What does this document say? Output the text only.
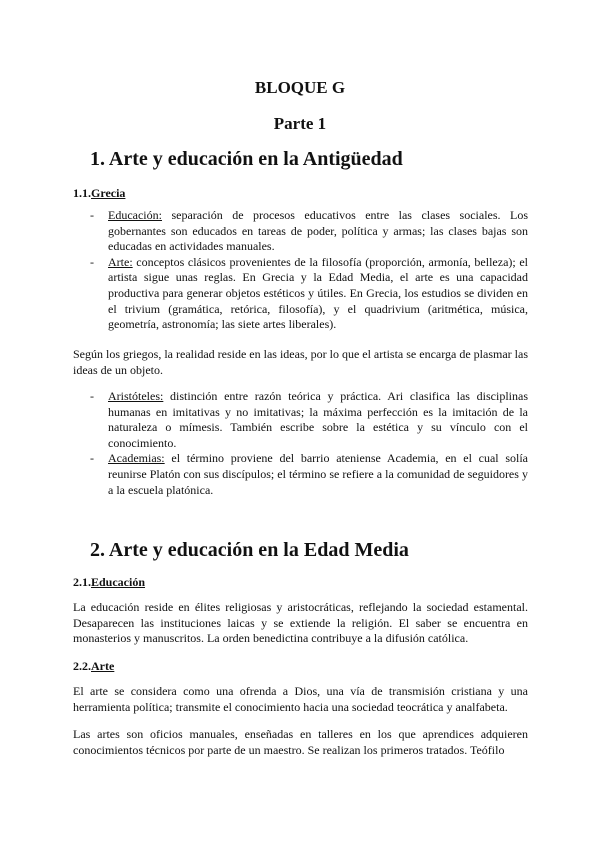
BLOQUE G
Parte 1
1. Arte y educación en la Antigüedad
1.1.Grecia
- Educación: separación de procesos educativos entre las clases sociales. Los gobernantes son educados en tareas de poder, política y armas; las clases bajas son educadas en actividades manuales.
- Arte: conceptos clásicos provenientes de la filosofía (proporción, armonía, belleza); el artista sigue unas reglas. En Grecia y la Edad Media, el arte es una capacidad productiva para generar objetos estéticos y útiles. En Grecia, los estudios se dividen en el trivium (gramática, retórica, filosofía), y el quadrivium (aritmética, música, geometría, astronomía; las siete artes liberales).
Según los griegos, la realidad reside en las ideas, por lo que el artista se encarga de plasmar las ideas de un objeto.
- Aristóteles: distinción entre razón teórica y práctica. Ari clasifica las disciplinas humanas en imitativas y no imitativas; la máxima perfección es la imitación de la naturaleza o mímesis. También escribe sobre la estética y su vínculo con el conocimiento.
- Academias: el término proviene del barrio ateniense Academia, en el cual solía reunirse Platón con sus discípulos; el término se refiere a la comunidad de seguidores y a la escuela platónica.
2. Arte y educación en la Edad Media
2.1.Educación
La educación reside en élites religiosas y aristocráticas, reflejando la sociedad estamental. Desaparecen las instituciones laicas y se extiende la religión. El saber se encuentra en monasterios y manuscritos. La orden benedictina contribuye a la difusión católica.
2.2.Arte
El arte se considera como una ofrenda a Dios, una vía de transmisión cristiana y una herramienta política; transmite el conocimiento hacia una sociedad teocrática y analfabeta.
Las artes son oficios manuales, enseñadas en talleres en los que aprendices adquieren conocimientos técnicos por parte de un maestro. Se realizan los primeros tratados. Teófilo
